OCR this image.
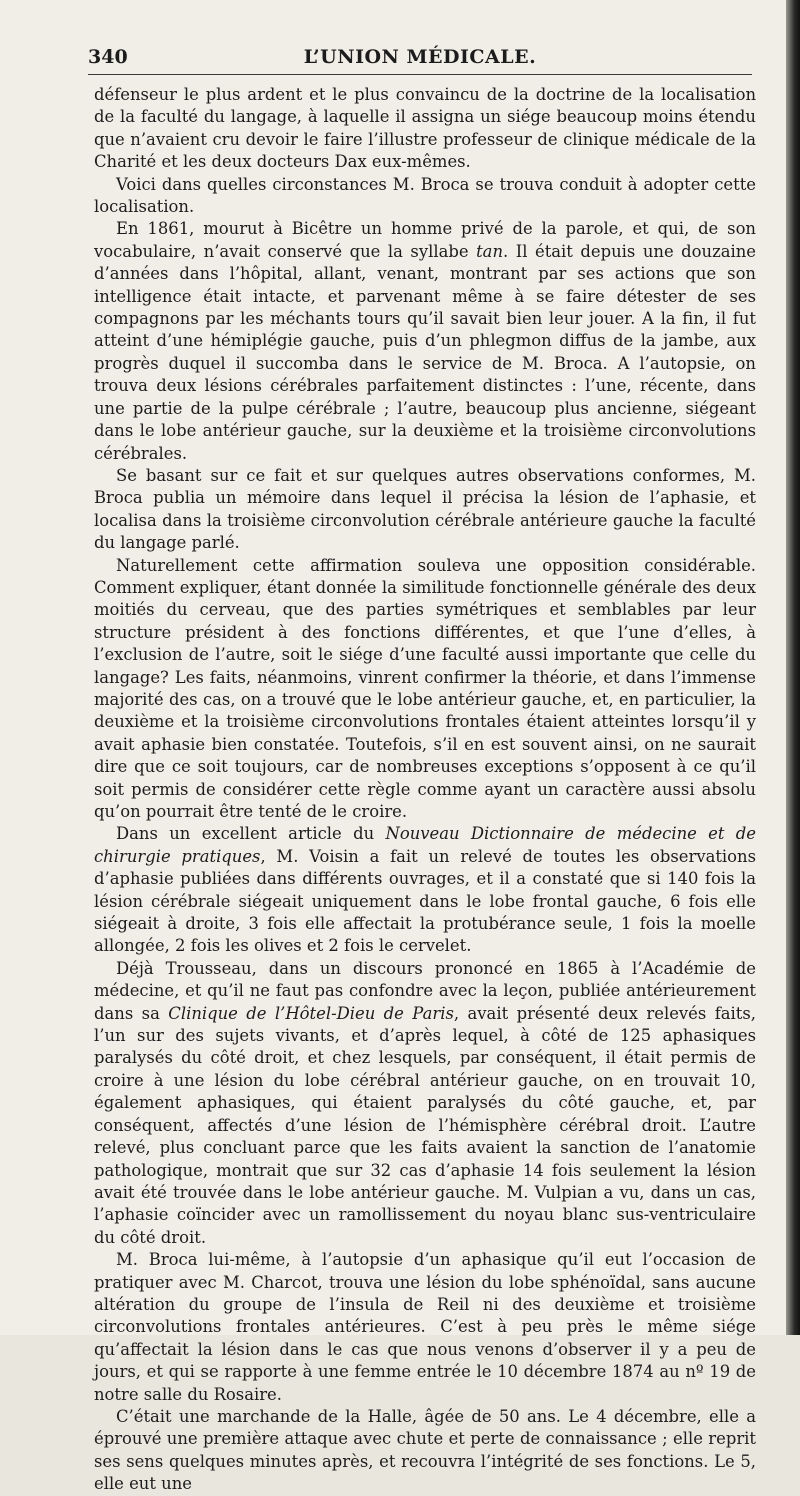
340	L’UNION MÉDICALE.

défenseur le plus ardent et le plus convaincu de la doctrine de la localisation de la faculté du langage, à laquelle il assigna un siége beaucoup moins étendu que n’avaient cru devoir le faire l’illustre professeur de clinique médicale de la Charité et les deux docteurs Dax eux-mêmes.

Voici dans quelles circonstances M. Broca se trouva conduit à adopter cette localisation.

En 1861, mourut à Bicêtre un homme privé de la parole, et qui, de son vocabulaire, n’avait conservé que la syllabe tan. Il était depuis une douzaine d’années dans l’hôpital, allant, venant, montrant par ses actions que son intelligence était intacte, et parvenant même à se faire détester de ses compagnons par les méchants tours qu’il savait bien leur jouer. A la fin, il fut atteint d’une hémiplégie gauche, puis d’un phlegmon diffus de la jambe, aux progrès duquel il succomba dans le service de M. Broca. A l’autopsie, on trouva deux lésions cérébrales parfaitement distinctes : l’une, récente, dans une partie de la pulpe cérébrale ; l’autre, beaucoup plus ancienne, siégeant dans le lobe antérieur gauche, sur la deuxième et la troisième circonvolutions cérébrales.

Se basant sur ce fait et sur quelques autres observations conformes, M. Broca publia un mémoire dans lequel il précisa la lésion de l’aphasie, et localisa dans la troisième circonvolution cérébrale antérieure gauche la faculté du langage parlé.

Naturellement cette affirmation souleva une opposition considérable. Comment expliquer, étant donnée la similitude fonctionnelle générale des deux moitiés du cerveau, que des parties symétriques et semblables par leur structure président à des fonctions différentes, et que l’une d’elles, à l’exclusion de l’autre, soit le siége d’une faculté aussi importante que celle du langage? Les faits, néanmoins, vinrent confirmer la théorie, et dans l’immense majorité des cas, on a trouvé que le lobe antérieur gauche, et, en particulier, la deuxième et la troisième circonvolutions frontales étaient atteintes lorsqu’il y avait aphasie bien constatée. Toutefois, s’il en est souvent ainsi, on ne saurait dire que ce soit toujours, car de nombreuses exceptions s’opposent à ce qu’il soit permis de considérer cette règle comme ayant un caractère aussi absolu qu’on pourrait être tenté de le croire.

Dans un excellent article du Nouveau Dictionnaire de médecine et de chirurgie pratiques, M. Voisin a fait un relevé de toutes les observations d’aphasie publiées dans différents ouvrages, et il a constaté que si 140 fois la lésion cérébrale siégeait uniquement dans le lobe frontal gauche, 6 fois elle siégeait à droite, 3 fois elle affectait la protubérance seule, 1 fois la moelle allongée, 2 fois les olives et 2 fois le cervelet.

Déjà Trousseau, dans un discours prononcé en 1865 à l’Académie de médecine, et qu’il ne faut pas confondre avec la leçon, publiée antérieurement dans sa Clinique de l’Hôtel-Dieu de Paris, avait présenté deux relevés faits, l’un sur des sujets vivants, et d’après lequel, à côté de 125 aphasiques paralysés du côté droit, et chez lesquels, par conséquent, il était permis de croire à une lésion du lobe cérébral antérieur gauche, on en trouvait 10, également aphasiques, qui étaient paralysés du côté gauche, et, par conséquent, affectés d’une lésion de l’hémisphère cérébral droit. L’autre relevé, plus concluant parce que les faits avaient la sanction de l’anatomie pathologique, montrait que sur 32 cas d’aphasie 14 fois seulement la lésion avait été trouvée dans le lobe antérieur gauche. M. Vulpian a vu, dans un cas, l’aphasie coïncider avec un ramollissement du noyau blanc sus-ventriculaire du côté droit.

M. Broca lui-même, à l’autopsie d’un aphasique qu’il eut l’occasion de pratiquer avec M. Charcot, trouva une lésion du lobe sphénoïdal, sans aucune altération du groupe de l’insula de Reil ni des deuxième et troisième circonvolutions frontales antérieures. C’est à peu près le même siége qu’affectait la lésion dans le cas que nous venons d’observer il y a peu de jours, et qui se rapporte à une femme entrée le 10 décembre 1874 au nº 19 de notre salle du Rosaire.

C’était une marchande de la Halle, âgée de 50 ans. Le 4 décembre, elle a éprouvé une première attaque avec chute et perte de connaissance ; elle reprit ses sens quelques minutes après, et recouvra l’intégrité de ses fonctions. Le 5, elle eut une
